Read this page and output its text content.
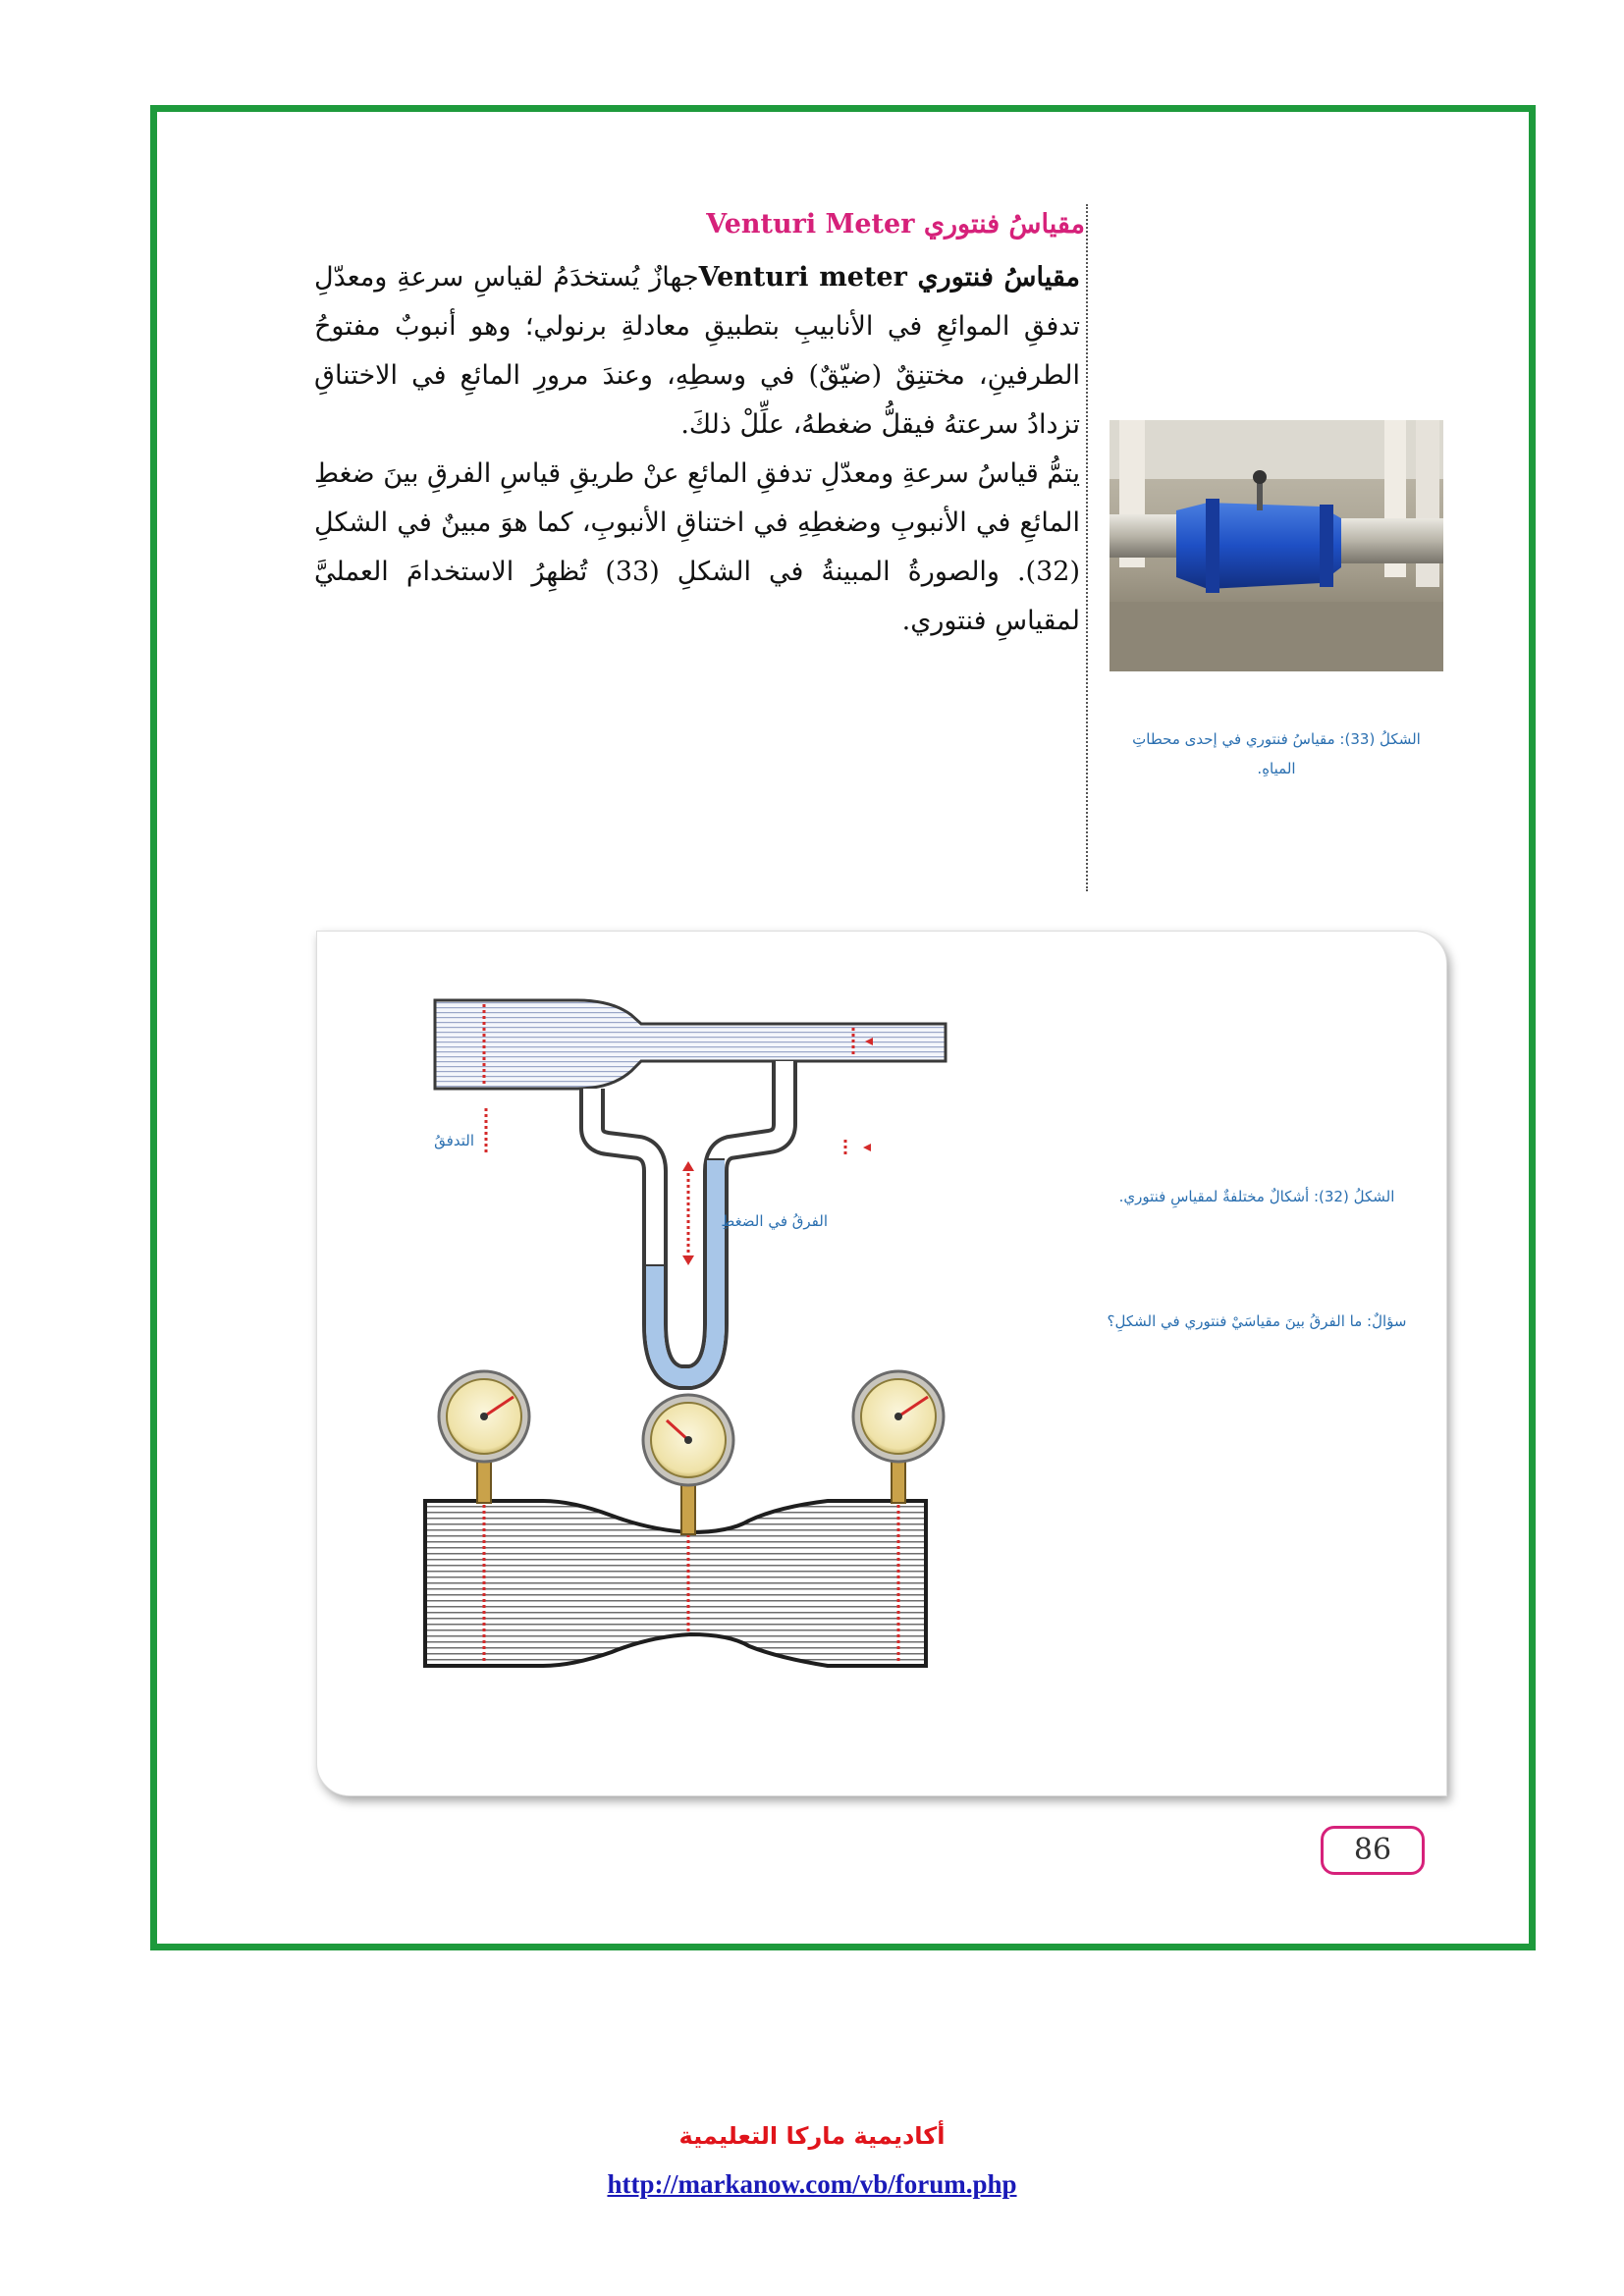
مقياسُ فنتوري Venturi Meter

مقياسُ فنتوري Venturi meterجهازٌ يُستخدَمُ لقياسِ سرعةِ ومعدّلِ تدفقِ الموائعِ في الأنابيبِ بتطبيقِ معادلةِ برنولي؛ وهو أنبوبٌ مفتوحُ الطرفينِ، مختنِقٌ (ضيّقٌ) في وسطِهِ، وعندَ مرورِ المائعِ في الاختناقِ تزدادُ سرعتهُ فيقلُّ ضغطهُ، علِّلْ ذلكَ.

يتمُّ قياسُ سرعةِ ومعدّلِ تدفقِ المائعِ عنْ طريقِ قياسِ الفرقِ بينَ ضغطِ المائعِ في الأنبوبِ وضغطِهِ في اختناقِ الأنبوبِ، كما هوَ مبينٌ في الشكلِ (32). والصورةُ المبينةُ في الشكلِ (33) تُظهِرُ الاستخدامَ العمليَّ لمقياسِ فنتوري.

الشكلُ (33): مقياسُ فنتوري في إحدى محطاتِ المياهِ.
التدفقُ
الفرقُ في الضغطِ
الشكلُ (32): أشكالٌ مختلفةٌ لمقياسِ فنتوري.
سؤالٌ: ما الفرقُ بينَ مقياسَيْ فنتوري في الشكلِ؟
86
أكاديمية ماركا التعليمية
http://markanow.com/vb/forum.php
